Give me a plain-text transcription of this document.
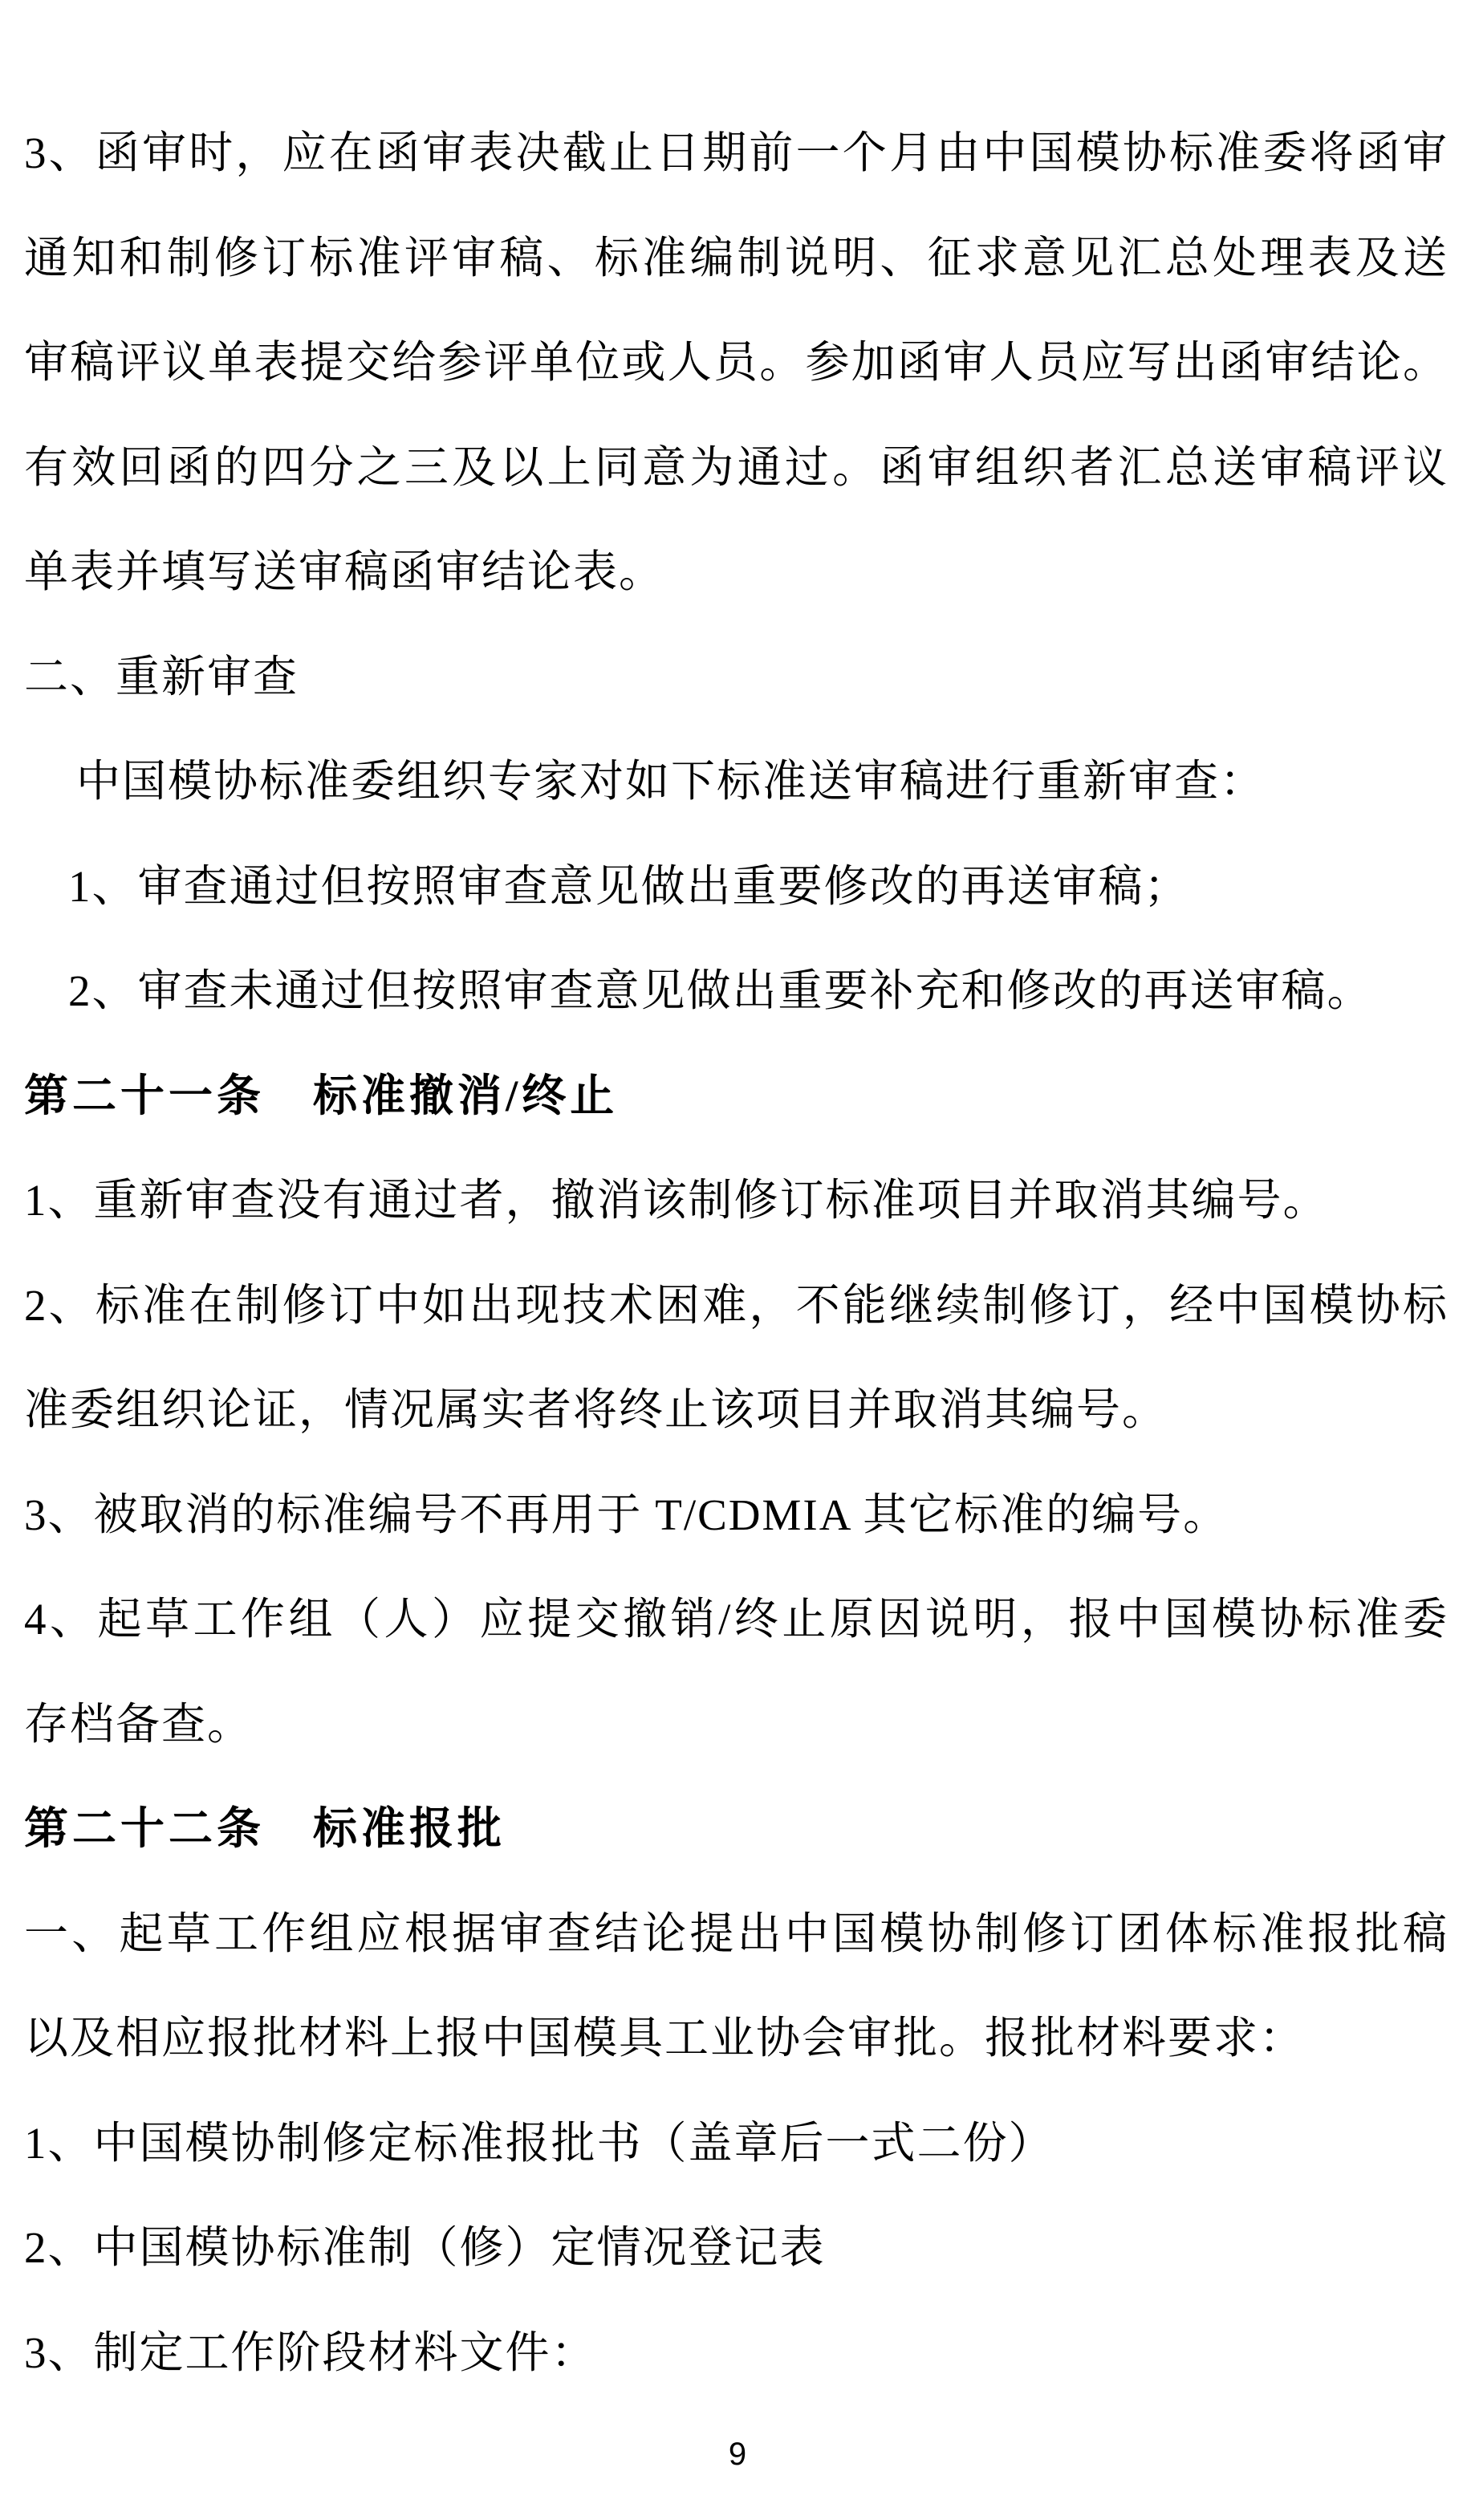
3、函审时，应在函审表决截止日期前一个月由中国模协标准委将函审
通知和制修订标准评审稿、标准编制说明、征求意见汇总处理表及送
审稿评议单表提交给参评单位或人员。参加函审人员应写出函审结论。
有效回函的四分之三及以上同意为通过。函审组织者汇总送审稿评议
单表并填写送审稿函审结论表。
二、重新审查
中国模协标准委组织专家对如下标准送审稿进行重新审查：
1、审查通过但按照审查意见做出重要修改的再送审稿；
2、审查未通过但按照审查意见做出重要补充和修改的再送审稿。
第二十一条　标准撤消/终止
1、重新审查没有通过者，撤消该制修订标准项目并取消其编号。
2、标准在制修订中如出现技术困难，不能继续制修订，经中国模协标
准委组织论证，情况属实者将终止该项目并取消其编号。
3、被取消的标准编号不再用于 T/CDMIA 其它标准的编号。
4、起草工作组（人）应提交撤销/终止原因说明，报中国模协标准委
存档备查。
第二十二条　标准报批
一、起草工作组应根据审查结论提出中国模协制修订团体标准报批稿
以及相应报批材料上报中国模具工业协会审批。报批材料要求：
1、中国模协制修定标准报批书（盖章后一式二份）
2、中国模协标准制（修）定情况登记表
3、制定工作阶段材料文件：
9
